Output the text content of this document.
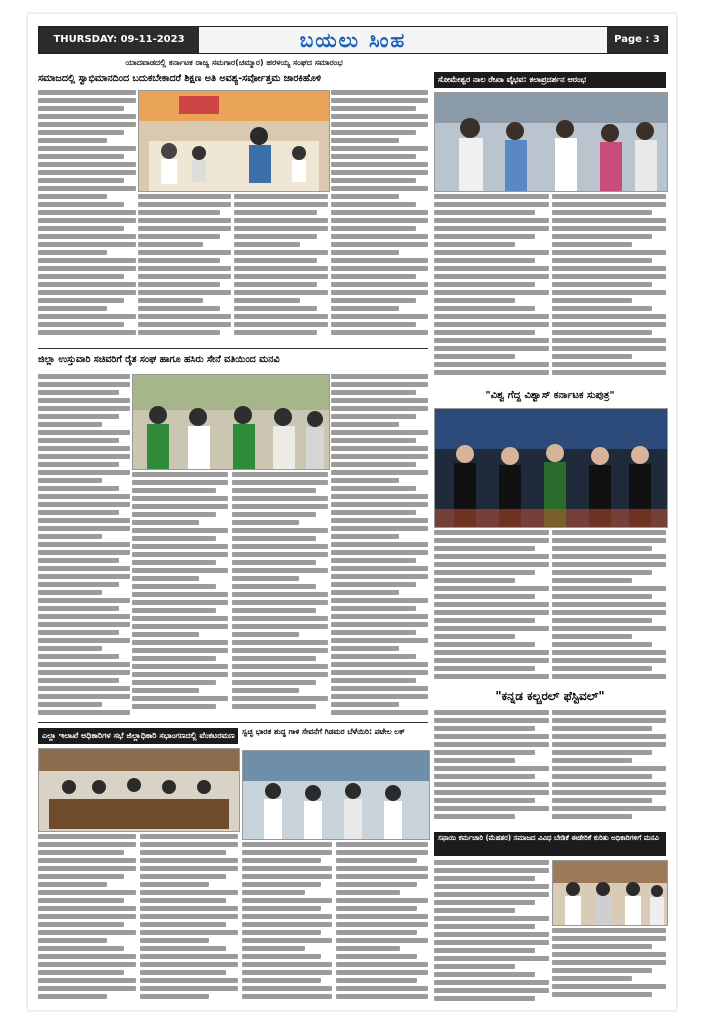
ಬಯಲು ಸಿಂಹ
THURSDAY: 09-11-2023	Page : 3
ಯಾದವಾಡದಲ್ಲಿ ಕರ್ನಾಟಕ ರಾಜ್ಯ ಸಮಗಾರ(ಚಮ್ಮಾರ) ಹರಳಯ್ಯ ಸಂಘದ ಸಮಾರಂಭ
ಸಮಾಜದಲ್ಲಿ ಸ್ವಾಭಿಮಾನದಿಂದ ಬದುಕಬೇಕಾದರೆ ಶಿಕ್ಷಣ ಅತಿ ಅವಶ್ಯ-ಸರ್ವೋತ್ತಮ ಜಾರಕಿಹೊಳಿ	ಸೋಮೇಶ್ವರ ನಾಲ ರೇಖಾ ವೈಭವ: ಕಲಾಪ್ರದರ್ಶನ ಆರಂಭ
ಜಿಲ್ಲಾ ಉಸ್ತುವಾರಿ ಸಚಿವರಿಗೆ ರೈತ ಸಂಘ ಹಾಗೂ ಹಸಿರು ಸೇನೆ ವತಿಯಿಂದ ಮನವಿ
"ವಿಶ್ವ ಗೆದ್ದ ವಿಶ್ವಾಸ್ ಕರ್ನಾಟಕ ಸುಪುತ್ರ"
"ಕನ್ನಡ ಕಲ್ಚರಲ್ ಫೆಸ್ಟಿವಲ್"
ಎಲ್ಲಾ ಇಲಾಖೆ ಅಧಿಕಾರಿಗಳ ಸಭೆ ಜಿಲ್ಲಾಧಿಕಾರಿ ಸಭಾಂಗಣದಲ್ಲಿ ವೆಂಕಟರಮಣ ಸ್ವಚ್ಛ ಭಾರತ ಶುದ್ಧ ಗಾಳಿ ಸೇವನೆಗೆ ಗಿಡಮರ ಬೆಳೆಯಿರಿ: ಪಟೇಲ ಲಕ್
ಸಫಾಯಿ ಕರ್ಮಚಾರಿ (ಮೆಹತರ) ಸಮಾಜದ ವಿವಿಧ ಬೇಡಿಕೆ ಈಡೇರಿಕೆ ಕುರಿತು ಅಧಿಕಾರಿಗಳಿಗೆ ಮನವಿ
